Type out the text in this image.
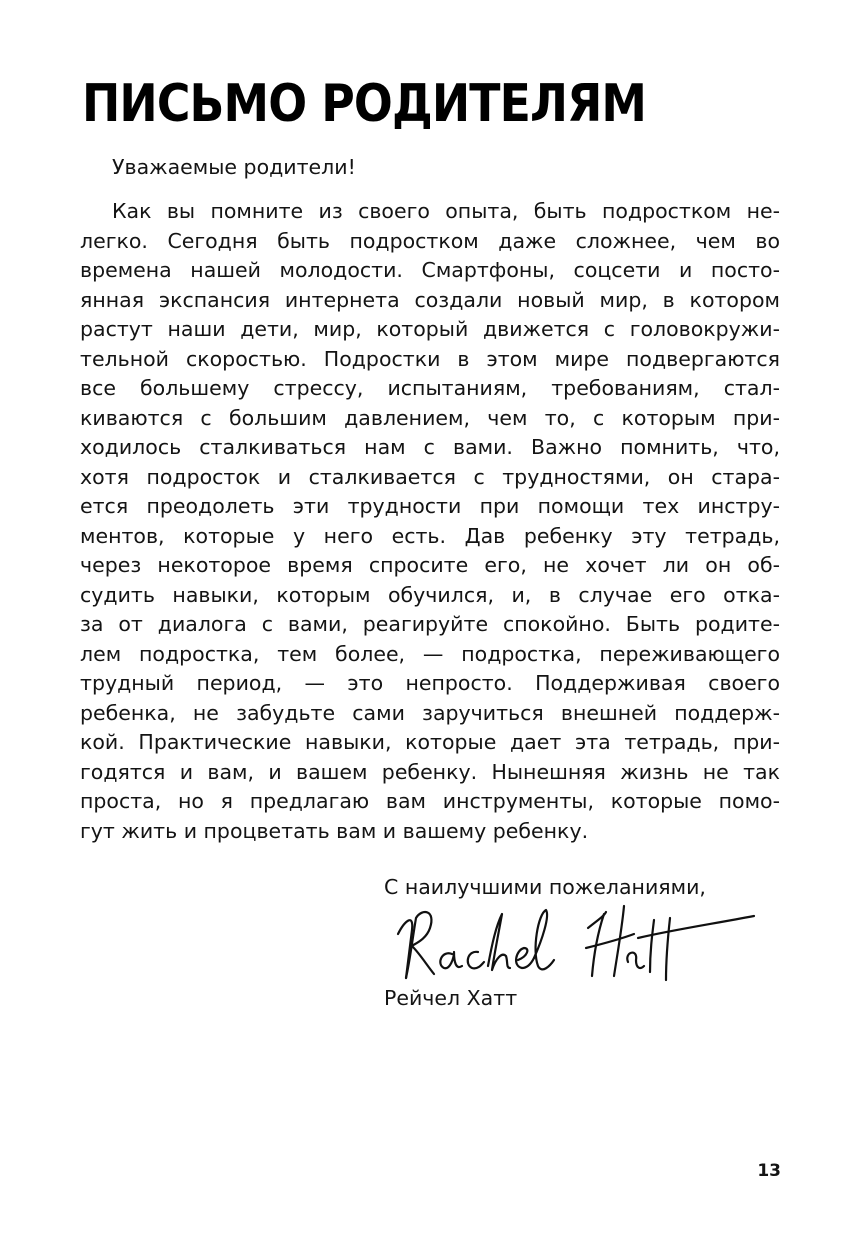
ПИСЬМО РОДИТЕЛЯМ

Уважаемые родители!

Как вы помните из своего опыта, быть подростком не-
легко. Сегодня быть подростком даже сложнее, чем во
времена нашей молодости. Смартфоны, соцсети и посто-
янная экспансия интернета создали новый мир, в котором
растут наши дети, мир, который движется с головокружи-
тельной скоростью. Подростки в этом мире подвергаются
все большему стрессу, испытаниям, требованиям, стал-
киваются с большим давлением, чем то, с которым при-
ходилось сталкиваться нам с вами. Важно помнить, что,
хотя подросток и сталкивается с трудностями, он стара-
ется преодолеть эти трудности при помощи тех инстру-
ментов, которые у него есть. Дав ребенку эту тетрадь,
через некоторое время спросите его, не хочет ли он об-
судить навыки, которым обучился, и, в случае его отка-
за от диалога с вами, реагируйте спокойно. Быть родите-
лем подростка, тем более, — подростка, переживающего
трудный период, — это непросто. Поддерживая своего
ребенка, не забудьте сами заручиться внешней поддерж-
кой. Практические навыки, которые дает эта тетрадь, при-
годятся и вам, и вашем ребенку. Нынешняя жизнь не так
проста, но я предлагаю вам инструменты, которые помо-
гут жить и процветать вам и вашему ребенку.

С наилучшими пожеланиями,

Рейчел Хатт

13
